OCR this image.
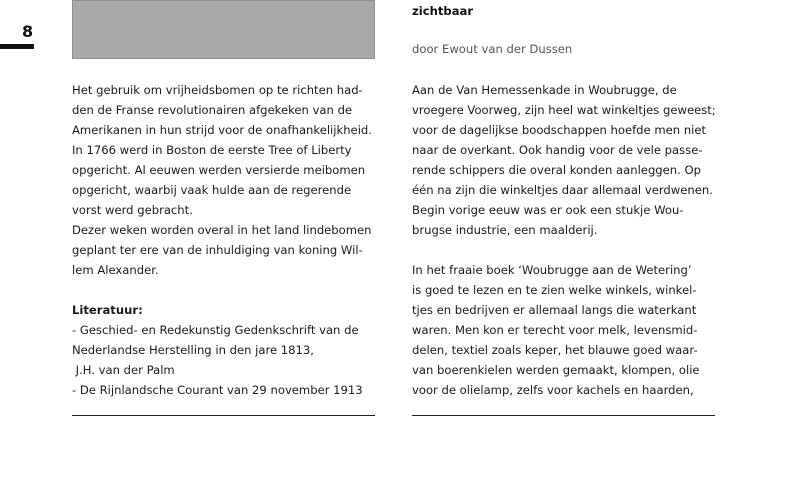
8
zichtbaar
door Ewout van der Dussen
Het gebruik om vrijheidsbomen op te richten had-
den de Franse revolutionairen afgekeken van de
Amerikanen in hun strijd voor de onafhankelijkheid.
In 1766 werd in Boston de eerste Tree of Liberty
opgericht. Al eeuwen werden versierde meibomen
opgericht, waarbij vaak hulde aan de regerende
vorst werd gebracht.
Dezer weken worden overal in het land lindebomen
geplant ter ere van de inhuldiging van koning Wil-
lem Alexander.
Literatuur:
- Geschied- en Redekunstig Gedenkschrift van de
Nederlandse Herstelling in den jare 1813,
J.H. van der Palm
- De Rijnlandsche Courant van 29 november 1913
Aan de Van Hemessenkade in Woubrugge, de
vroegere Voorweg, zijn heel wat winkeltjes geweest;
voor de dagelijkse boodschappen hoefde men niet
naar de overkant. Ook handig voor de vele passe-
rende schippers die overal konden aanleggen. Op
één na zijn die winkeltjes daar allemaal verdwenen.
Begin vorige eeuw was er ook een stukje Wou-
brugse industrie, een maalderij.
In het fraaie boek ‘Woubrugge aan de Wetering’
is goed te lezen en te zien welke winkels, winkel-
tjes en bedrijven er allemaal langs die waterkant
waren. Men kon er terecht voor melk, levensmid-
delen, textiel zoals keper, het blauwe goed waar-
van boerenkielen werden gemaakt, klompen, olie
voor de olielamp, zelfs voor kachels en haarden,
